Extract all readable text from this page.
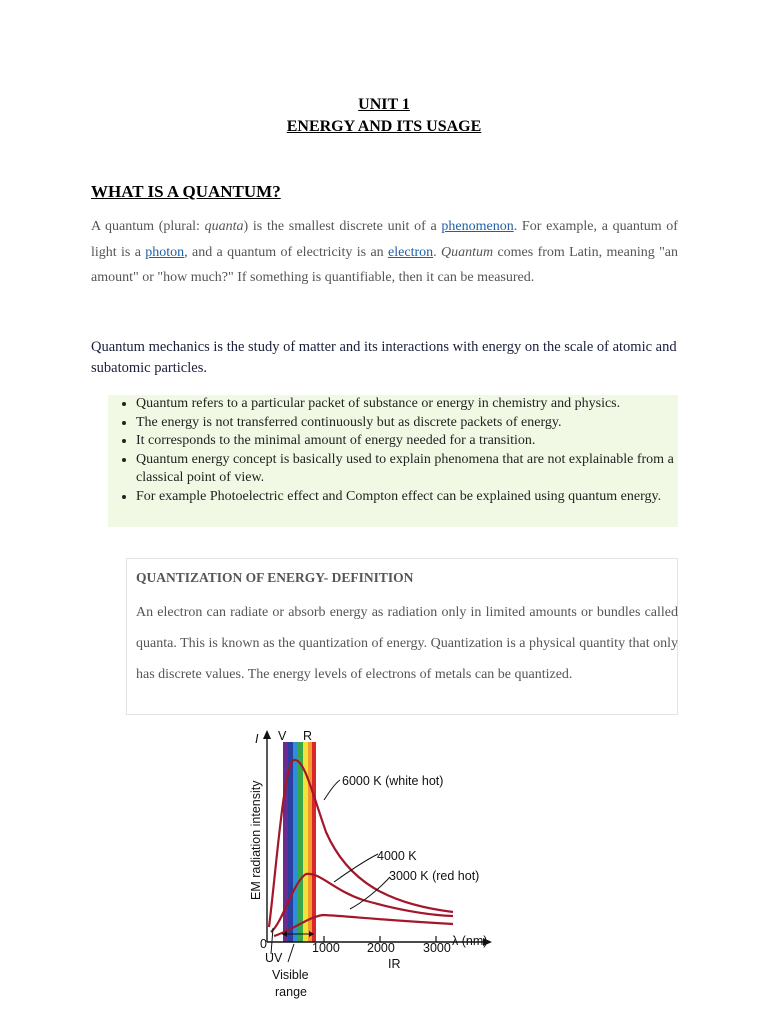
UNIT 1
ENERGY AND ITS USAGE
WHAT IS A QUANTUM?
A quantum (plural: quanta) is the smallest discrete unit of a phenomenon. For example, a quantum of light is a photon, and a quantum of electricity is an electron. Quantum comes from Latin, meaning "an amount" or "how much?" If something is quantifiable, then it can be measured.
Quantum mechanics is the study of matter and its interactions with energy on the scale of atomic and subatomic particles.
• Quantum refers to a particular packet of substance or energy in chemistry and physics.
• The energy is not transferred continuously but as discrete packets of energy.
• It corresponds to the minimal amount of energy needed for a transition.
• Quantum energy concept is basically used to explain phenomena that are not explainable from a classical point of view.
• For example Photoelectric effect and Compton effect can be explained using quantum energy.
QUANTIZATION OF ENERGY- DEFINITION
An electron can radiate or absorb energy as radiation only in limited amounts or bundles called quanta. This is known as the quantization of energy. Quantization is a physical quantity that only has discrete values. The energy levels of electrons of metals can be quantized.
I V R
EM radiation intensity	6000 K (white hot)
4000 K
3000 K (red hot)
0	1000 2000 3000 λ (nm)
IR
UV
Visible
range
